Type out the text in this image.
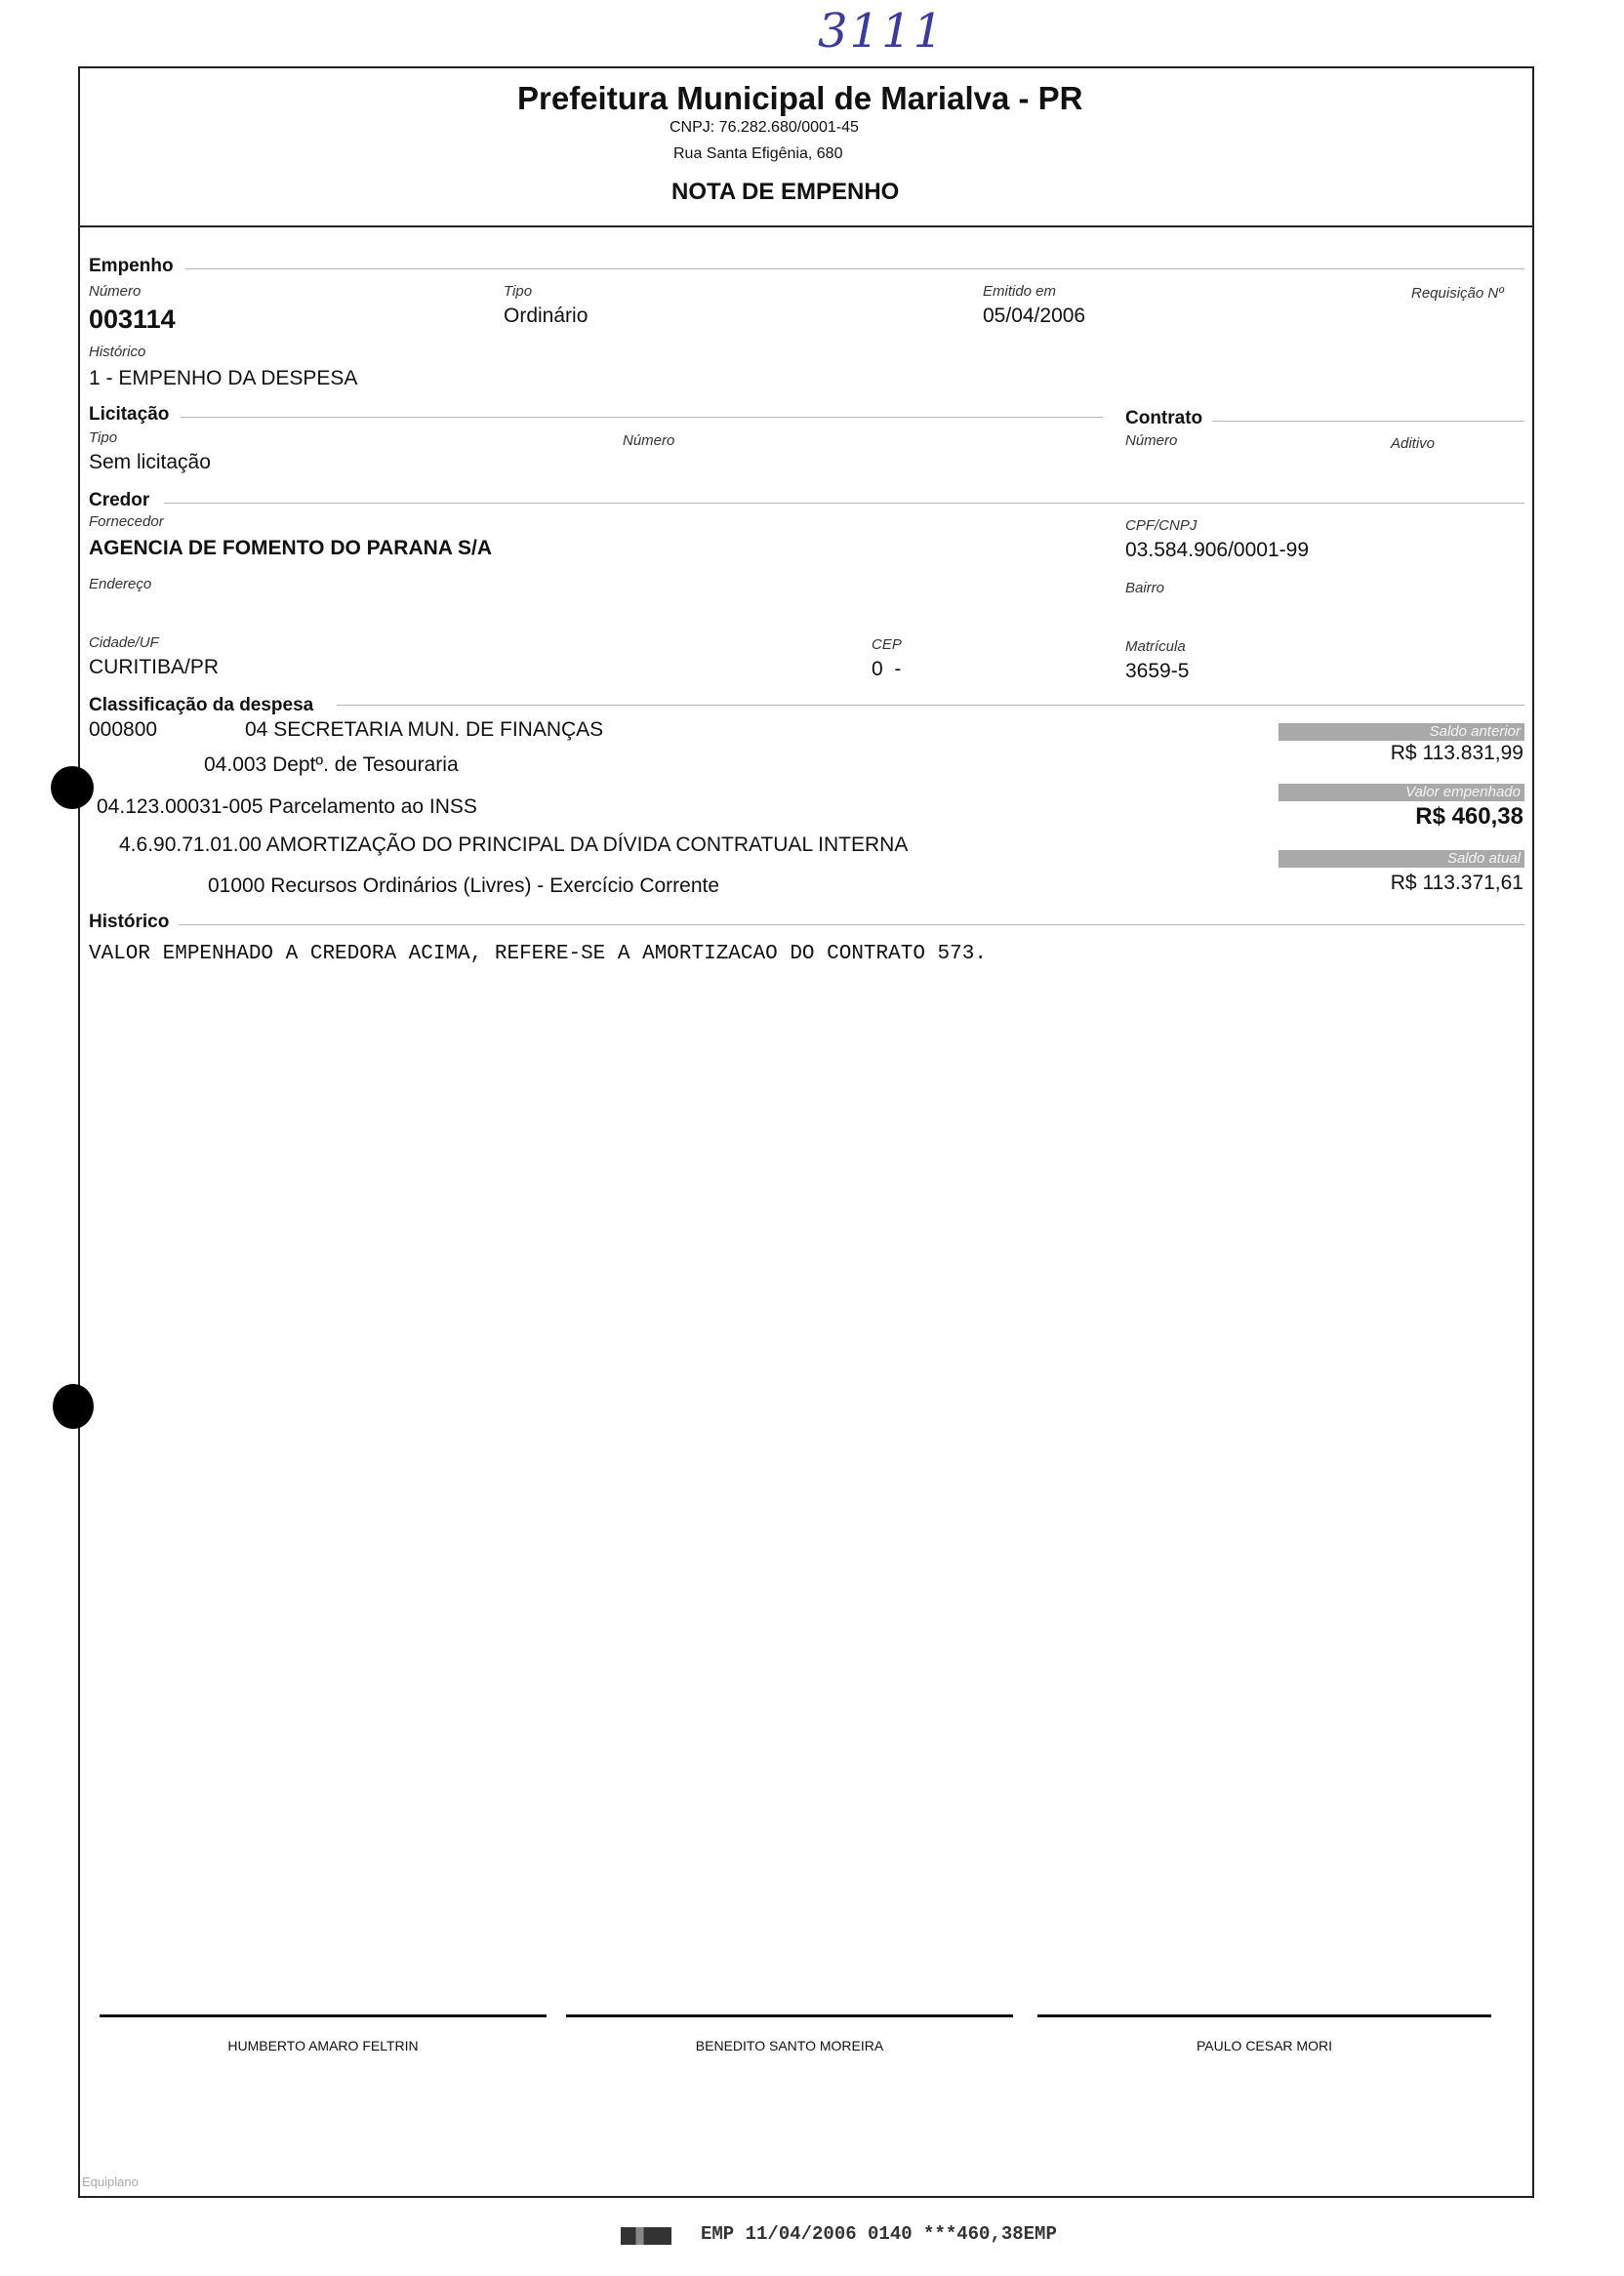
3111
Prefeitura Municipal de Marialva - PR
CNPJ: 76.282.680/0001-45
Rua Santa Efigênia, 680
NOTA DE EMPENHO
Empenho
Número
003114
Tipo
Ordinário
Emitido em
05/04/2006
Requisição Nº
Histórico
1 - EMPENHO DA DESPESA
Licitação	Contrato
Tipo
Sem licitação
Número	Número	Aditivo
Credor
Fornecedor
AGENCIA DE FOMENTO DO PARANA S/A
CPF/CNPJ
03.584.906/0001-99
Endereço	Bairro
Cidade/UF
CURITIBA/PR
CEP
0  -
Matrícula
3659-5
Classificação da despesa
000800	04 SECRETARIA MUN. DE FINANÇAS
04.003 Deptº. de Tesouraria
04.123.00031-005 Parcelamento ao INSS
4.6.90.71.01.00 AMORTIZAÇÃO DO PRINCIPAL DA DÍVIDA CONTRATUAL INTERNA
01000 Recursos Ordinários (Livres) - Exercício Corrente
Saldo anterior
R$ 113.831,99
Valor empenhado
R$ 460,38
Saldo atual
R$ 113.371,61
Histórico
VALOR EMPENHADO A CREDORA ACIMA, REFERE-SE A AMORTIZACAO DO CONTRATO 573.
HUMBERTO AMARO FELTRIN	BENEDITO SANTO MOREIRA	PAULO CESAR MORI
Equiplano
EMP 11/04/2006 0140 ***460,38EMP
